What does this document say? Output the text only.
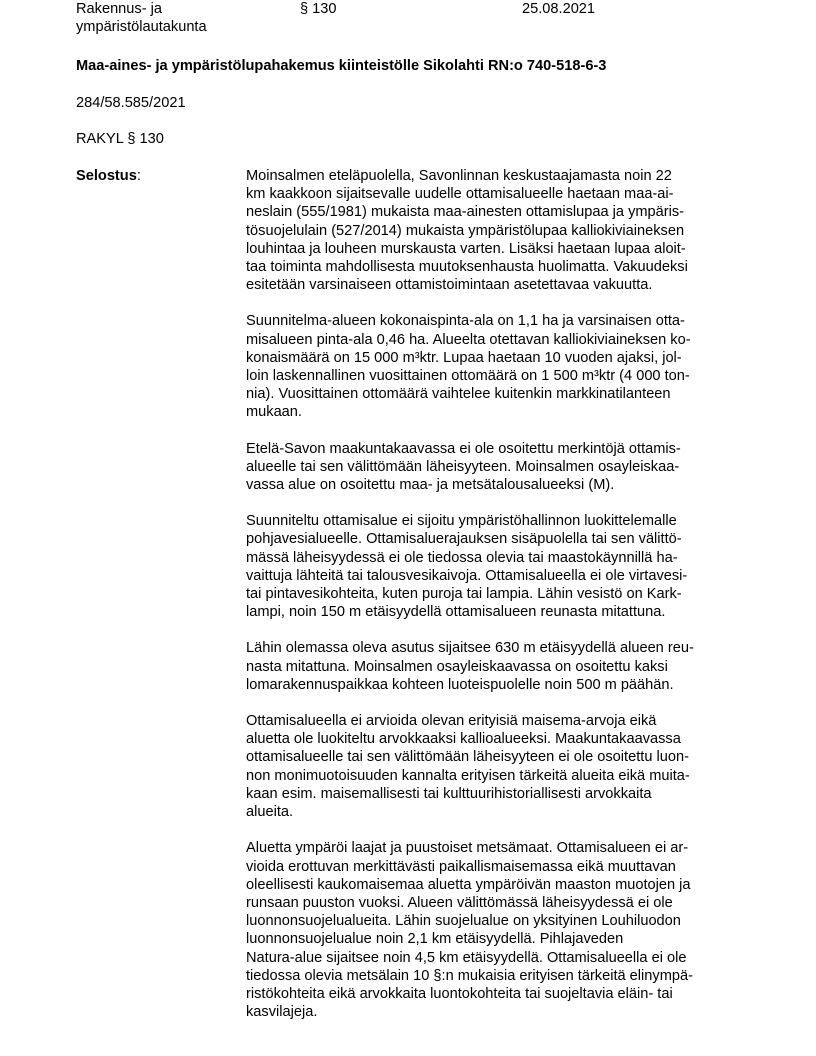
Rakennus- ja
ympäristölautakunta
§ 130	25.08.2021
Maa-aines- ja ympäristölupahakemus kiinteistölle Sikolahti RN:o 740-518-6-3
284/58.585/2021
RAKYL § 130
Selostus:	Moinsalmen eteläpuolella, Savonlinnan keskustaajamasta noin 22
km kaakkoon sijaitsevalle uudelle ottamisalueelle haetaan maa-ai-
neslain (555/1981) mukaista maa-ainesten ottamislupaa ja ympäris-
tösuojelulain (527/2014) mukaista ympäristölupaa kalliokiviaineksen
louhintaa ja louheen murskausta varten. Lisäksi haetaan lupaa aloit-
taa toiminta mahdollisesta muutoksenhausta huolimatta. Vakuudeksi
esitetään varsinaiseen ottamistoimintaan asetettavaa vakuutta.
Suunnitelma-alueen kokonaispinta-ala on 1,1 ha ja varsinaisen otta-
misalueen pinta-ala 0,46 ha. Alueelta otettavan kalliokiviaineksen ko-
konaismäärä on 15 000 m³ktr. Lupaa haetaan 10 vuoden ajaksi, jol-
loin laskennallinen vuosittainen ottomäärä on 1 500 m³ktr (4 000 ton-
nia). Vuosittainen ottomäärä vaihtelee kuitenkin markkinatilanteen
mukaan.
Etelä-Savon maakuntakaavassa ei ole osoitettu merkintöjä ottamis-
alueelle tai sen välittömään läheisyyteen. Moinsalmen osayleiskaa-
vassa alue on osoitettu maa- ja metsätalousalueeksi (M).
Suunniteltu ottamisalue ei sijoitu ympäristöhallinnon luokittelemalle
pohjavesialueelle. Ottamisaluerajauksen sisäpuolella tai sen välittö-
mässä läheisyydessä ei ole tiedossa olevia tai maastokäynnillä ha-
vaittuja lähteitä tai talousvesikaivoja. Ottamisalueella ei ole virtavesi-
tai pintavesikohteita, kuten puroja tai lampia. Lähin vesistö on Kark-
lampi, noin 150 m etäisyydellä ottamisalueen reunasta mitattuna.
Lähin olemassa oleva asutus sijaitsee 630 m etäisyydellä alueen reu-
nasta mitattuna. Moinsalmen osayleiskaavassa on osoitettu kaksi
lomarakennuspaikkaa kohteen luoteispuolelle noin 500 m päähän.
Ottamisalueella ei arvioida olevan erityisiä maisema-arvoja eikä
aluetta ole luokiteltu arvokkaaksi kallioalueeksi. Maakuntakaavassa
ottamisalueelle tai sen välittömään läheisyyteen ei ole osoitettu luon-
non monimuotoisuuden kannalta erityisen tärkeitä alueita eikä muita-
kaan esim. maisemallisesti tai kulttuurihistoriallisesti arvokkaita
alueita.
Aluetta ympäröi laajat ja puustoiset metsämaat. Ottamisalueen ei ar-
vioida erottuvan merkittävästi paikallismaisemassa eikä muuttavan
oleellisesti kaukomaisemaa aluetta ympäröivän maaston muotojen ja
runsaan puuston vuoksi. Alueen välittömässä läheisyydessä ei ole
luonnonsuojelualueita. Lähin suojelualue on yksityinen Louhiluodon
luonnonsuojelualue noin 2,1 km etäisyydellä. Pihlajaveden
Natura-alue sijaitsee noin 4,5 km etäisyydellä. Ottamisalueella ei ole
tiedossa olevia metsälain 10 §:n mukaisia erityisen tärkeitä elinympä-
ristökohteita eikä arvokkaita luontokohteita tai suojeltavia eläin- tai
kasvilajeja.
